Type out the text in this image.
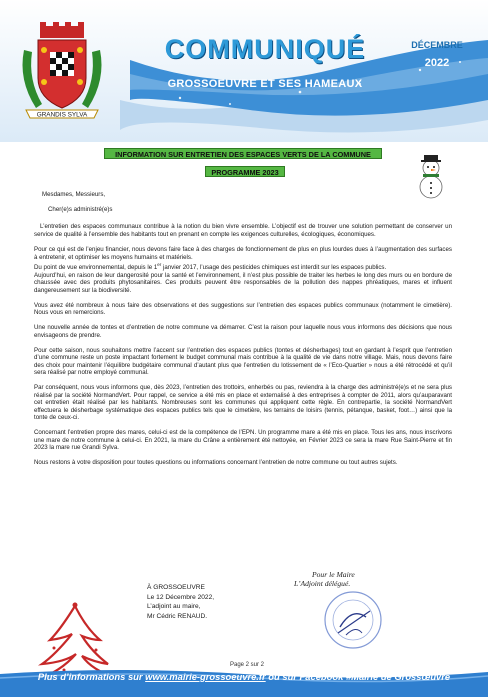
GRANDIS SYLVA
COMMUNIQUÉ
GROSSOEUVRE ET SES HAMEAUX
DÉCEMBRE
2022
INFORMATION SUR ENTRETIEN DES ESPACES VERTS DE LA COMMUNE
PROGRAMME 2023

Mesdames, Messieurs,

Cher(e)s administré(e)s

L’entretien des espaces communaux contribue à la notion du bien vivre ensemble. L’objectif est de trouver une solution permettant de conserver un service de qualité à l’ensemble des habitants tout en prenant en compte les exigences culturelles, écologiques, économiques.

Pour ce qui est de l’enjeu financier, nous devons faire face à des charges de fonctionnement de plus en plus lourdes dues à l’augmentation des surfaces à entretenir, et optimiser les moyens humains et matériels.
Du point de vue environnemental, depuis le 1er janvier 2017, l’usage des pesticides chimiques est interdit sur les espaces publics.
Aujourd’hui, en raison de leur dangerosité pour la santé et l’environnement, il n’est plus possible de traiter les herbes le long des murs ou en bordure de chaussée avec des produits phytosanitaires. Ces produits peuvent être responsables de la pollution des nappes phréatiques, mares et influent dangereusement sur la biodiversité.

Vous avez été nombreux à nous faire des observations et des suggestions sur l’entretien des espaces publics communaux (notamment le cimetière). Nous vous en remercions.

Une nouvelle année de tontes et d’entretien de notre commune va démarrer. C’est la raison pour laquelle nous vous informons des décisions que nous envisageons de prendre.

Pour cette saison, nous souhaitons mettre l’accent sur l’entretien des espaces publics (tontes et désherbages) tout en gardant à l’esprit que l’entretien d’une commune reste un poste impactant fortement le budget communal mais contribue à la qualité de vie dans notre village. Mais, nous devons faire des choix pour maintenir l’équilibre budgétaire communal d’autant plus que l’entretien du lotissement de « l’Eco-Quartier » nous a été rétrocédé et qu’il sera réalisé par notre employé communal.

Par conséquent, nous vous informons que, dès 2023, l’entretien des trottoirs, enherbés ou pas, reviendra à la charge des administré(e)s et ne sera plus réalisé par la société NormandVert. Pour rappel, ce service a été mis en place et externalisé à des entreprises à compter de 2011, alors qu’auparavant cet entretien était réalisé par les habitants. Nombreuses sont les communes qui appliquent cette règle. En contrepartie, la société NormandVert effectuera le désherbage systématique des espaces publics tels que le cimetière, les terrains de loisirs (tennis, pétanque, basket, foot…) ainsi que la tonte de ceux-ci.

Concernant l’entretien propre des mares, celui-ci est de la compétence de l’EPN. Un programme mare a été mis en place. Tous les ans, nous inscrivons une mare de notre commune à celui-ci. En 2021, la mare du Crâne a entièrement été nettoyée, en Février 2023 ce sera la mare Rue Saint-Pierre et fin 2023 la mare rue Grandi Sylva.

Nous restons à votre disposition pour toutes questions ou informations concernant l’entretien de notre commune ou tout autres sujets.

À GROSSOEUVRE
Le 12 Décembre 2022,
L’adjoint au maire,
Mr Cédric RENAUD.
Pour le Maire
L’Adjoint délégué.
Page 2 sur 2
Plus d’informations sur www.mairie-grossoeuvre.fr ou sur Facebook #Mairie de Grossœuvre
